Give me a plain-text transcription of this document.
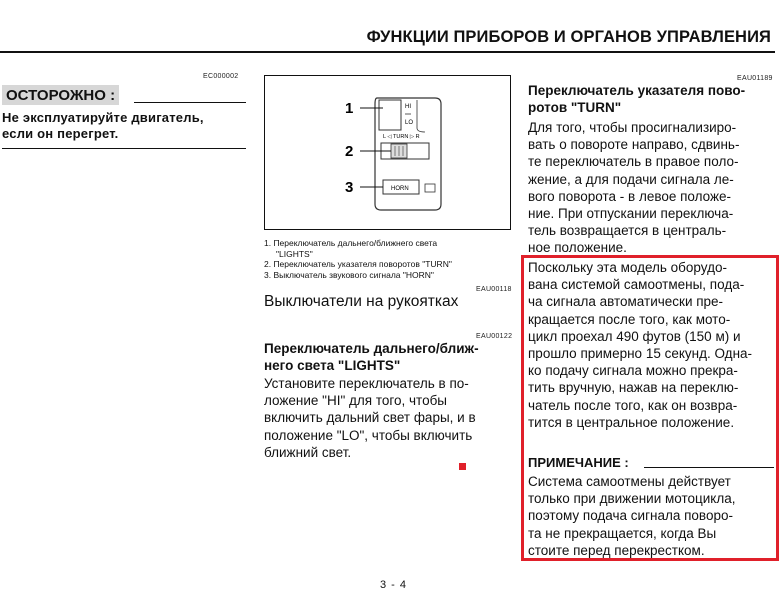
ФУНКЦИИ ПРИБОРОВ И ОРГАНОВ УПРАВЛЕНИЯ
EC000002
ОСТОРОЖНО :
Не эксплуатируйте двигатель,
если он перегрет.
HI
LO
L ◁ TURN ▷ R
HORN
1
2
3
1. Переключатель дальнего/ближнего света
"LIGHTS"
2. Переключатель указателя поворотов "TURN"
3. Выключатель звукового сигнала "HORN"
EAU00118
Выключатели на рукоятках
EAU00122
Переключатель дальнего/ближ-
него света "LIGHTS"
Установите переключатель в по-
ложение "HI" для того, чтобы
включить дальний свет фары, и в
положение "LO", чтобы включить
ближний свет.
EAU01189
Переключатель указателя пово-
ротов "TURN"
Для того, чтобы просигнализиро-
вать о повороте направо, сдвинь-
те переключатель в правое поло-
жение, а для подачи сигнала ле-
вого поворота - в левое положе-
ние. При отпускании переключа-
тель возвращается в централь-
ное положение.
Поскольку эта модель оборудо-
вана системой самоотмены, пода-
ча сигнала автоматически пре-
кращается после того, как мото-
цикл проехал 490 футов (150 м) и
прошло примерно 15 секунд. Одна-
ко подачу сигнала можно прекра-
тить вручную, нажав на переклю-
чатель после того, как он возвра-
тится в центральное положение.
ПРИМЕЧАНИЕ :
Система самоотмены действует
только при движении мотоцикла,
поэтому подача сигнала поворо-
та не прекращается, когда Вы
стоите перед перекрестком.
3 - 4
